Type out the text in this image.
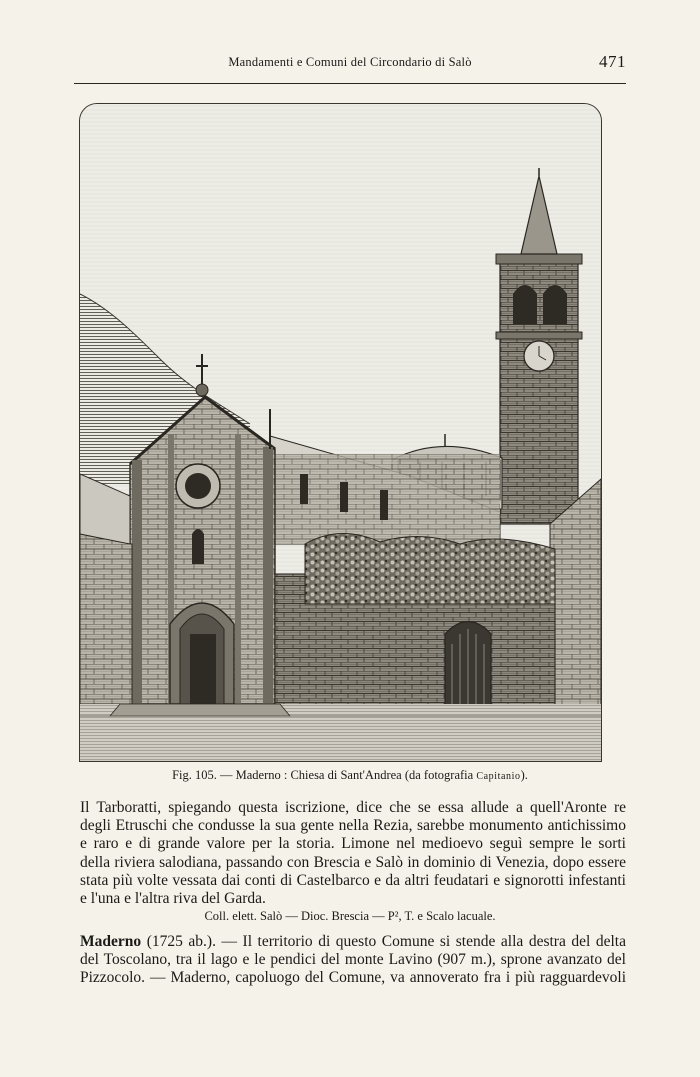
Mandamenti e Comuni del Circondario di Salò	471
Fig. 105. — Maderno : Chiesa di Sant'Andrea (da fotografia Capitanio).
Il Tarboratti, spiegando questa iscrizione, dice che se essa allude a quell'Aronte re
degli Etruschi che condusse la sua gente nella Rezia, sarebbe monumento antichissimo
e raro e di grande valore per la storia. Limone nel medioevo seguì sempre le sorti
della riviera salodiana, passando con Brescia e Salò in dominio di Venezia, dopo essere
stata più volte vessata dai conti di Castelbarco e da altri feudatari e signorotti infestanti
e l'una e l'altra riva del Garda.
Coll. elett. Salò — Dioc. Brescia — P², T. e Scalo lacuale.
Maderno (1725 ab.). — Il territorio di questo Comune si stende alla destra del delta
del Toscolano, tra il lago e le pendici del monte Lavino (907 m.), sprone avanzato del
Pizzocolo. — Maderno, capoluogo del Comune, va annoverato fra i più ragguardevoli
